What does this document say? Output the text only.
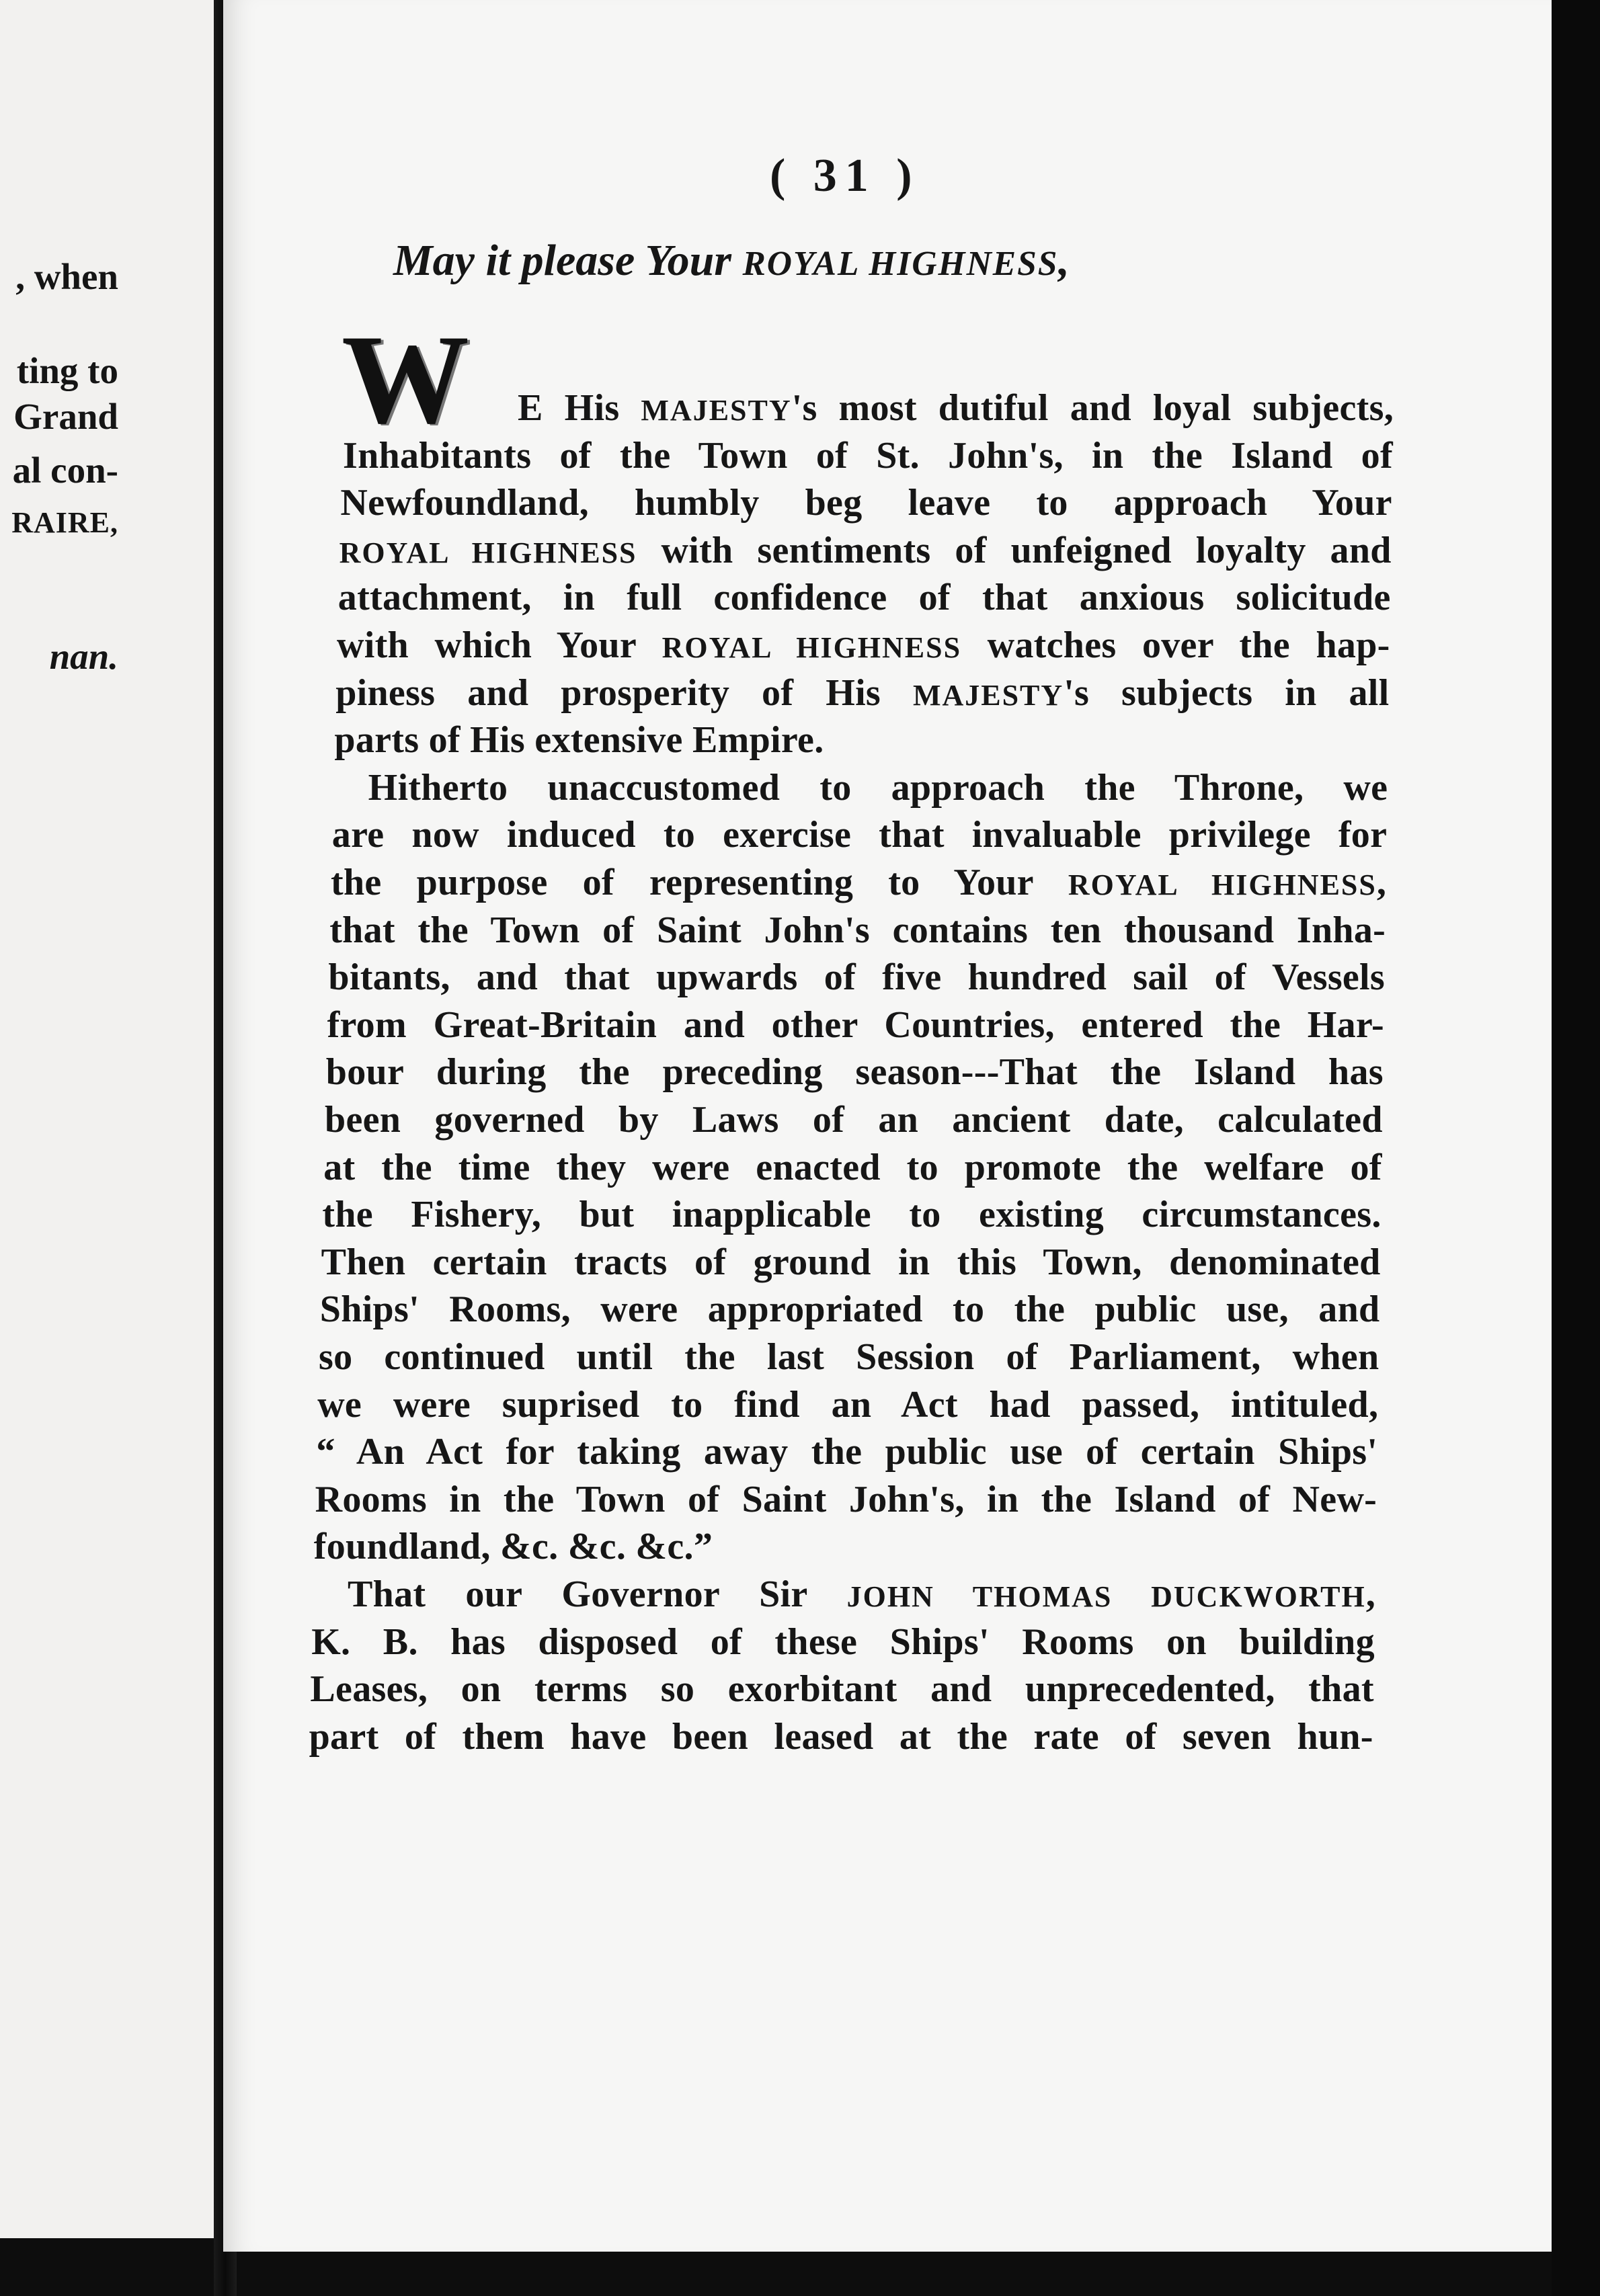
, when
ting to
Grand
al con-
RAIRE,
nan.
( 31 )
May it please Your ROYAL HIGHNESS,
W E His MAJESTY's most dutiful and loyal subjects,
Inhabitants of the Town of St. John's, in the Island of
Newfoundland, humbly beg leave to approach Your
ROYAL HIGHNESS with sentiments of unfeigned loyalty and
attachment, in full confidence of that anxious solicitude
with which Your ROYAL HIGHNESS watches over the hap-
piness and prosperity of His MAJESTY's subjects in all
parts of His extensive Empire.
Hitherto unaccustomed to approach the Throne, we
are now induced to exercise that invaluable privilege for
the purpose of representing to Your ROYAL HIGHNESS,
that the Town of Saint John's contains ten thousand Inha-
bitants, and that upwards of five hundred sail of Vessels
from Great-Britain and other Countries, entered the Har-
bour during the preceding season---That the Island has
been governed by Laws of an ancient date, calculated
at the time they were enacted to promote the welfare of
the Fishery, but inapplicable to existing circumstances.
Then certain tracts of ground in this Town, denominated
Ships' Rooms, were appropriated to the public use, and
so continued until the last Session of Parliament, when
we were suprised to find an Act had passed, intituled,
“ An Act for taking away the public use of certain Ships'
Rooms in the Town of Saint John's, in the Island of New-
foundland, &c. &c. &c.”
That our Governor Sir JOHN THOMAS DUCKWORTH,
K. B. has disposed of these Ships' Rooms on building
Leases, on terms so exorbitant and unprecedented, that
part of them have been leased at the rate of seven hun-
